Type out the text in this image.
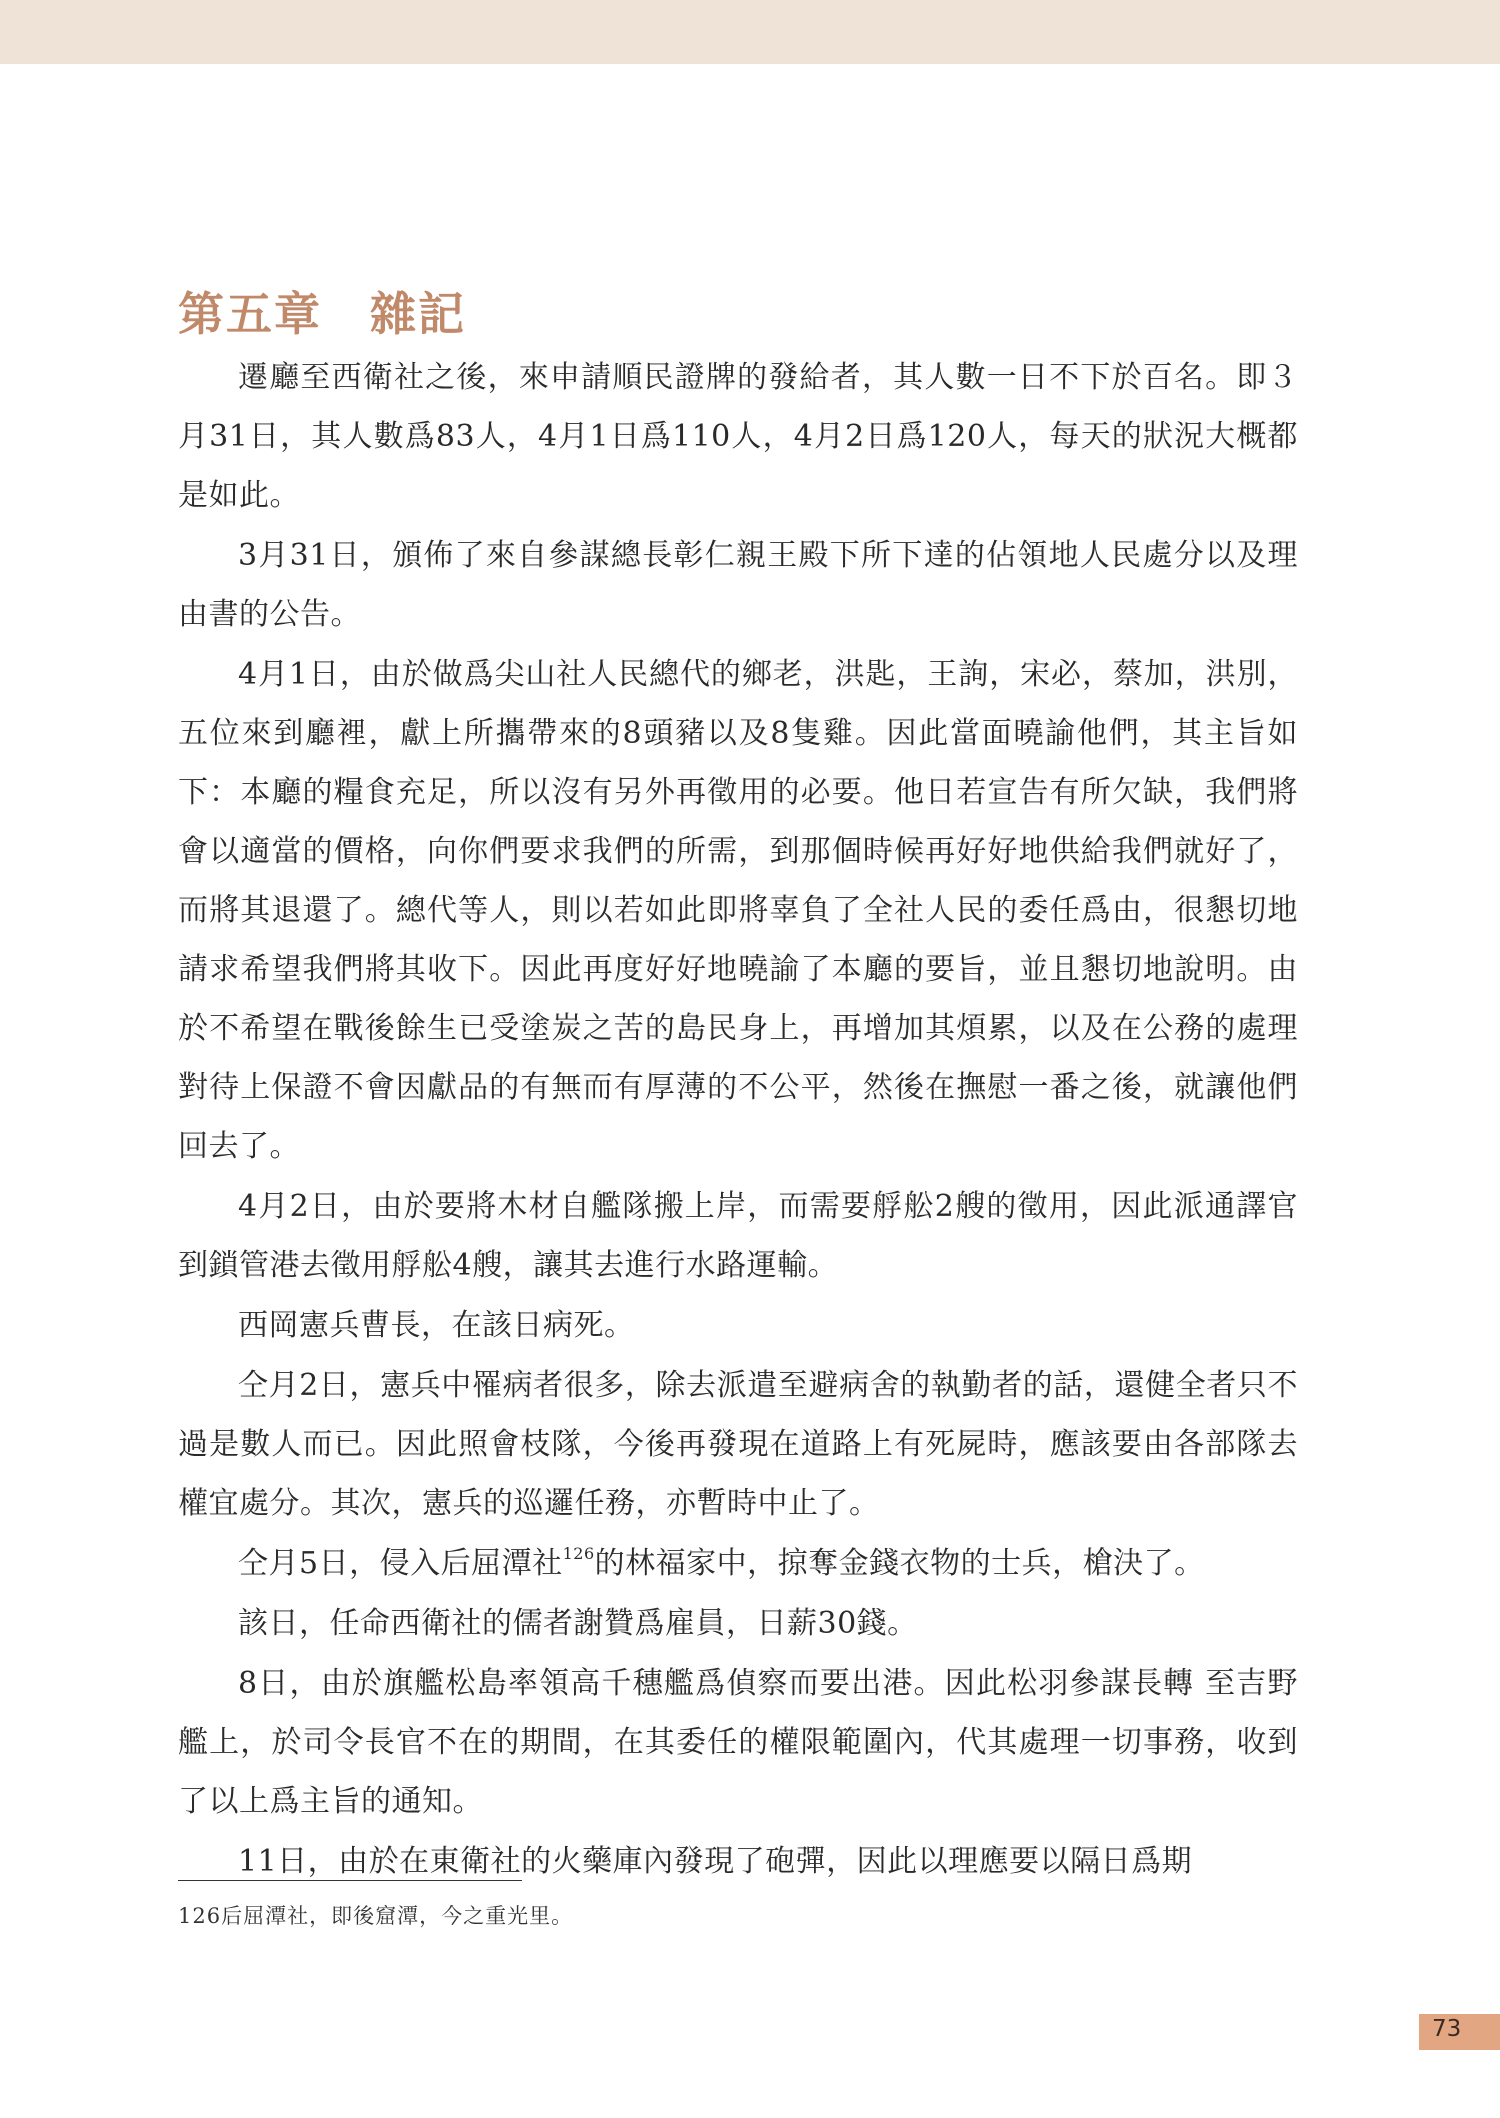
第五章　雜記

遷廳至西衛社之後，來申請順民證牌的發給者，其人數一日不下於百名。即３月31日，其人數爲83人，4月1日爲110人，4月2日爲120人，每天的狀況大概都是如此。

3月31日，頒佈了來自參謀總長彰仁親王殿下所下達的佔領地人民處分以及理由書的公告。

4月1日，由於做爲尖山社人民總代的鄉老，洪匙，王詢，宋必，蔡加，洪別，五位來到廳裡，獻上所攜帶來的8頭豬以及8隻雞。因此當面曉諭他們，其主旨如下：本廳的糧食充足，所以沒有另外再徵用的必要。他日若宣告有所欠缺，我們將會以適當的價格，向你們要求我們的所需，到那個時候再好好地供給我們就好了，而將其退還了。總代等人，則以若如此即將辜負了全社人民的委任爲由，很懇切地請求希望我們將其收下。因此再度好好地曉諭了本廳的要旨，並且懇切地說明。由於不希望在戰後餘生已受塗炭之苦的島民身上，再增加其煩累，以及在公務的處理對待上保證不會因獻品的有無而有厚薄的不公平，然後在撫慰一番之後，就讓他們回去了。

4月2日，由於要將木材自艦隊搬上岸，而需要艀舩2艘的徵用，因此派通譯官到鎖管港去徵用艀舩4艘，讓其去進行水路運輸。

西岡憲兵曹長，在該日病死。

仝月2日，憲兵中罹病者很多，除去派遣至避病舍的執勤者的話，還健全者只不過是數人而已。因此照會枝隊，今後再發現在道路上有死屍時，應該要由各部隊去權宜處分。其次，憲兵的巡邏任務，亦暫時中止了。

仝月5日，侵入后屈潭社$^{126}$的林福家中，掠奪金錢衣物的士兵，槍決了。

該日，任命西衛社的儒者謝贊爲雇員，日薪30錢。

8日，由於旗艦松島率領高千穗艦爲偵察而要出港。因此松羽參謀長轉 至吉野艦上，於司令長官不在的期間，在其委任的權限範圍內，代其處理一切事務，收到了以上爲主旨的通知。

11日，由於在東衛社的火藥庫內發現了砲彈，因此以理應要以隔日爲期

126后屈潭社，即後窟潭，今之重光里。
73
